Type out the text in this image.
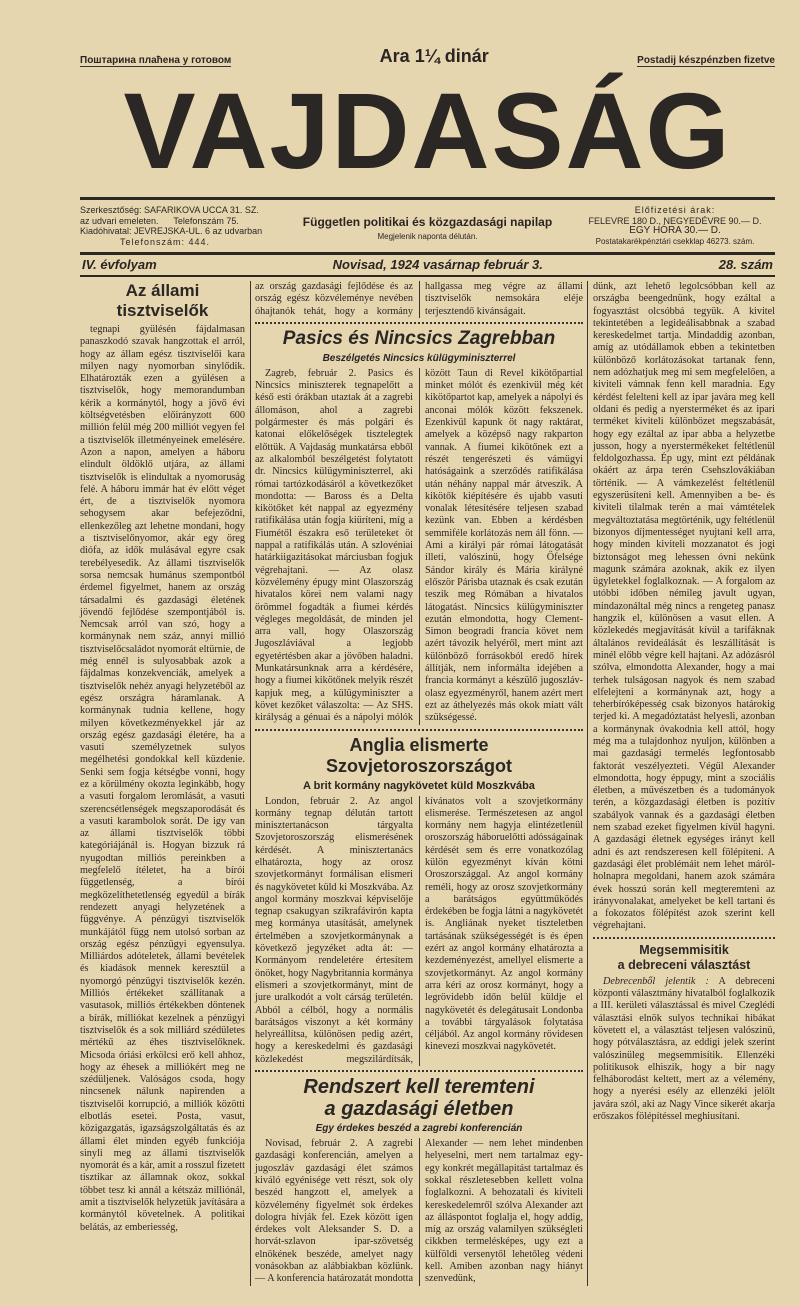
Поштарина плаћена у готовом	Ara 1¼ dinár	Postadij készpénzben fizetve
VAJDASÁG
Szerkesztőség: SAFARIKOVA UCCA 31. SZ.
az udvari emeleten.      Telefonszám 75.
Kiadóhivatal: JEVREJSKA-UL. 6 az udvarban
Telefonszám: 444.
Független politikai és közgazdasági napilap
Megjelenik naponta délután.
Előfizetési árak:
FELEVRE 180 D., NEGYEDÉVRE 90.— D.
EGY HÓRA 30.— D.
Postatakarékpénztári csekklap 46273. szám.
IV. évfolyam	Novisad, 1924 vasárnap február 3.	28. szám
Az állami tisztviselők

tegnapi gyülésén fájdalmasan panaszkodó szavak hangzottak el arról, hogy az állam egész tisztviselői kara milyen nagy nyomorban sinylődik. Elhatározták ezen a gyülésen a tisztviselők, hogy memorandumban kérik a kormánytól, hogy a jövő évi költségvetésben előirányzott 600 millión felül még 200 milliót vegyen fel a tisztviselők illetményeinek emelésére. Azon a napon, amelyen a háboru elindult öldöklő utjára, az állami tisztviselők is elindultak a nyomoruság felé. A háboru immár hat év előtt véget ért, de a tisztviselők nyomora sehogysem akar befejeződni, ellenkezőleg azt lehetne mondani, hogy a tisztviselőnyomor, akár egy öreg diófa, az idők mulásával egyre csak terebélyesedik. Az állami tisztviselők sorsa nemcsak humánus szempontból érdemel figyelmet, hanem az ország társadalmi és gazdasági életének jövendő fejlődése szempontjából is. Nemcsak arról van szó, hogy a kormánynak nem száz, annyi millió tisztviselőcsaládot nyomorát eltürnie, de még ennél is sulyosabbak azok a fájdalmas konzekvenciák, amelyek a tisztviselők nehéz anyagi helyzetéből az egész országra háramlanak. A kormánynak tudnia kellene, hogy milyen következményekkel jár az ország egész gazdasági életére, ha a vasuti személyzetnek sulyos megélhetési gondokkal kell küzdenie. Senki sem fogja kétségbe vonni, hogy ez a körülmény okozta leginkább, hogy a vasuti forgalom leromlását, a vasuti szerencsétlenségek megszaporodását és a vasuti karambolok sorát. De igy van az állami tisztviselők többi kategóriájánál is. Hogyan bizzuk rá nyugodtan milliós pereinkben a megfelelő ítéletet, ha a bírói függetlenség, a bírói megközelíthetetlenség egyedül a bírák rendezett anyagi helyzetének a függvénye. A pénzügyi tisztviselők munkájától függ nem utolsó sorban az ország egész pénzügyi egyensulya. Milliárdos adóteletek, állami bevételek és kiadások mennek keresztül a nyomorgó pénzügyi tisztviselők kezén. Milliós értékeket szállítanak a vasutasok, milliós értékekben döntenek a bírák, milliókat kezelnek a pénzügyi tisztviselők és a sok milliárd szédületes mértékű az éhes tisztviselőknek. Micsoda óriási erkölcsi erő kell ahhoz, hogy az éhesek a milliókért meg ne szédüljenek. Valóságos csoda, hogy nincsenek nálunk napirenden a tisztviselői korrupció, a milliók közötti elbotlás esetei. Posta, vasut, közigazgatás, igazságszolgáltatás és az állami élet minden egyéb funkciója sinyli meg az állami tisztviselők nyomorát és a kár, amit a rosszul fizetett tisztikar az államnak okoz, sokkal többet tesz ki annál a kétszáz milliónál, amit a tisztviselők helyzetük javítására a kormánytól követelnek. A politikai belátás, az emberiesség,

az ország gazdasági fejlődése és az ország egész közvéleménye nevében óhajtanók tehát, hogy a kormány hallgassa meg végre az állami tisztviselők nemsokára eléje terjesztendő kivánságait.

Pasics és Nincsics Zagrebban
Beszélgetés Nincsics külügyminiszterrel

Zagreb, február 2. Pasics és Nincsics miniszterek tegnapelőtt a késő esti órákban utaztak át a zagrebi állomáson, ahol a zagrebi polgármester és más polgári és katonai előkelőségek tisztelegtek előttük. A Vajdaság munkatársa ebből az alkalomból beszélgetést folytatott dr. Nincsics külügyminiszterrel, aki római tartózkodásáról a következőket mondotta: — Baross és a Delta kikötőket két nappal az egyezmény ratifikálása után fogja kiüríteni, míg a Fiumétől északra eső területeket öt nappal a ratifikálás után. A szlovéniai határkiigazitásokat márciusban fogjuk végrehajtani. — Az olasz közvélemény épugy mint Olaszország hivatalos körei nem valami nagy örömmel fogadták a fiumei kérdés végleges megoldását, de minden jel arra vall, hogy Olaszország Jugoszláviával a legjobb egyetértésben akar a jövőben haladni. Munkatársunknak arra a kérdésére, hogy a fiumei kikötőnek melyik részét kapjuk meg, a külügyminiszter a követ kezőket válaszolta: — Az SHS. királyság a génuai és a nápolyi mólók között Taun di Revel kikötőpartial minket mólót és ezenkivül még két kikötőpartot kap, amelyek a nápolyi és anconai mólók között fekszenek. Ezenkivül kapunk öt nagy raktárat, amelyek a középső nagy rakparton vannak. A fiumei kikötőnek ezt a részét tengerészeti és vámügyi hatóságaink a szerződés ratifikálása után néhány nappal már átveszik. A kikötők kiépítésére és ujabb vasuti vonalak létesítésére teljesen szabad kezünk van. Ebben a kérdésben semmiféle korlátozás nem áll fönn. — Ami a királyi pár római látogatását illeti, valószinü, hogy Őfelsége Sándor király és Mária királyné először Párisba utaznak és csak ezután teszik meg Rómában a hivatalos látogatást. Nincsics külügyminiszter ezután elmondotta, hogy Clement-Simon beogradi francia követ nem azért távozik helyéről, mert mint azt különböző forrásokból eredő hírek állítják, nem informálta idejében a francia kormányt a készülő jugoszláv-olasz egyezményről, hanem azért mert ezt az áthelyezés más okok miatt vált szükségessé.

Anglia elismerte Szovjetoroszországot
A brit kormány nagykövetet küld Moszkvába

London, február 2. Az angol kormány tegnap délután tartott minisztertanácson tárgyalta Szovjetoroszország elismerésének kérdését. A minisztertanács elhatározta, hogy az orosz szovjetkormányt formálisan elismeri és nagykövetet küld ki Moszkvába. Az angol kormány moszkvai képviselője tegnap csakugyan szikrafávirón kapta meg kormánya utasítását, amelynek értelmében a szovjetkormánynak a következő jegyzéket adta át: — Kormányom rendeletére értesítem önöket, hogy Nagybritannia kormánya elismeri a szovjetkormányt, mint de jure uralkodót a volt cárság területén. Abból a célból, hogy a normális barátságos viszonyt a két kormány helyreállítsa, különösen pedig azért, hogy a kereskedelmi és gazdasági közlekedést megszilárdítsák, kívánatos volt a szovjetkormány elismerése. Természetesen az angol kormány nem hagyja elintézetlenül oroszország háboruelőtti adósságainak kérdését sem és erre vonatkozólag külön egyezményt kíván kötni Oroszországgal. Az angol kormány reméli, hogy az orosz szovjetkormány a barátságos együttműködés érdekében be fogja látni a nagykövetét is. Angliának nyeket tiszteletben tartásának szükségességét is és épen ezért az angol kormány elhatározta a kezdeményezést, amellyel elismerte a szovjetkormányt. Az angol kormány arra kéri az orosz kormányt, hogy a legrövidebb időn belül küldje el nagykövetét és delegátusait Londonba a további tárgyalások folytatása céljából. Az angol kormány rövidesen kinevezi moszkvai nagykövetét.

Rendszert kell teremteni
a gazdasági életben
Egy érdekes beszéd a zagrebi konferencián

Novisad, február 2. A zagrebi gazdasági konferencián, amelyen a jugoszláv gazdasági élet számos kiváló egyénisége vett részt, sok oly beszéd hangzott el, amelyek a közvélemény figyelmét sok érdekes dologra hívják fel. Ezek között igen érdekes volt Aleksander S. D. a horvát-szlavon ipar-szövetség elnökének beszéde, amelyet nagy vonásokban az alábbiakban közlünk. — A konferencia határozatát mondotta Alexander — nem lehet mindenben helyeselni, mert nem tartalmaz egy-egy konkrét megállapitást tartalmaz és sokkal részletesebben kellett volna foglalkozni. A behozatali és kiviteli kereskedelemről szólva Alexander azt az álláspontot foglalja el, hogy addig, míg az ország valamilyen szükségleti cikkben termelésképes, ugy ezt a külföldi versenytől lehetőleg védeni kell. Amiben azonban nagy hiányt szenvedünk,

dünk, azt lehető legolcsóbban kell az országba beengednünk, hogy ezáltal a fogyasztást olcsóbbá tegyük. A kivitel tekintetében a legideálisabbnak a szabad kereskedelmet tartja. Mindaddig azonban, amíg az utódállamok ebben a tekintetben különböző korlátozásokat tartanak fenn, nem adózhatjuk meg mi sem megfelelően, a kiviteli vámnak fenn kell maradnia. Egy kérdést felelteni kell az ipar javára meg kell oldani és pedig a nyersterméket és az ipari terméket kiviteli különbözet megszabását, hogy egy ezáltal az ipar abba a helyzetbe jusson, hogy a nyerstermékeket feltétlenül feldolgozhassa. Ép ugy, mint ezt példának okáért az árpa terén Csehszlovákiában történik. — A vámkezelést feltétlenül egyszerüsíteni kell. Amennyiben a be- és kiviteli tilalmak terén a mai vámtételek megváltoztatása megtörténik, ugy feltétlenül bizonyos díjmentességet nyujtani kell arra, hogy minden kiviteli mozzanatot és jogi biztonságot meg lehessen óvni nekünk magunk számára azoknak, akik ez ilyen ügyletekkel foglalkoznak. — A forgalom az utóbbi időben némileg javult ugyan, mindazonáltal még nincs a rengeteg panasz hangzik el, különösen a vasut ellen. A közlekedés megjavítását kívül a tarifáknak általános revideálását és leszállítását is minél előbb végre kell hajtani. Az adózásról szólva, elmondotta Alexander, hogy a mai terhek tulságosan nagyok és nem szabad elfelejteni a kormánynak azt, hogy a teherbíróképesség csak bizonyos határokig terjed ki. A megadóztatást helyesli, azonban a kormánynak óvakodnia kell attól, hogy még ma a tulajdonhoz nyuljon, különben a mai gazdasági termelés legfontosabb faktorát veszélyezteti. Végül Alexander elmondotta, hogy éppugy, mint a szociális életben, a művészetben és a tudományok terén, a közgazdasági életben is pozitív szabályok vannak és a gazdasági életben nem szabad ezeket figyelmen kívül hagyni. A gazdasági életnek egységes irányt kell adni és azt rendszeresen kell fölépíteni. A gazdasági élet problémáit nem lehet máról-holnapra megoldani, hanem azok számára évek hosszú során kell megteremteni az irányvonalakat, amelyeket be kell tartani és a fokozatos fölépítést azok szerint kell végrehajtani.

Megsemmisitik
a debreceni választást

Debrecenből jelentik : A debreceni központi választmány hivatalból foglalkozik a III. kerületi választással és mivel Czeglédi választási elnök sulyos technikai hibákat követett el, a választást teljesen valószinü, hogy pótválasztásra, az eddigi jelek szerint valószinüleg megsemmisítik. Ellenzéki politikusok elhiszik, hogy a bir nagy felháborodást keltett, mert az a vélemény, hogy a nyerési esély az ellenzéki jelölt javára szól, aki az Nagy Vince sikerét akarja erőszakos fölépítéssel meghiusítani.
